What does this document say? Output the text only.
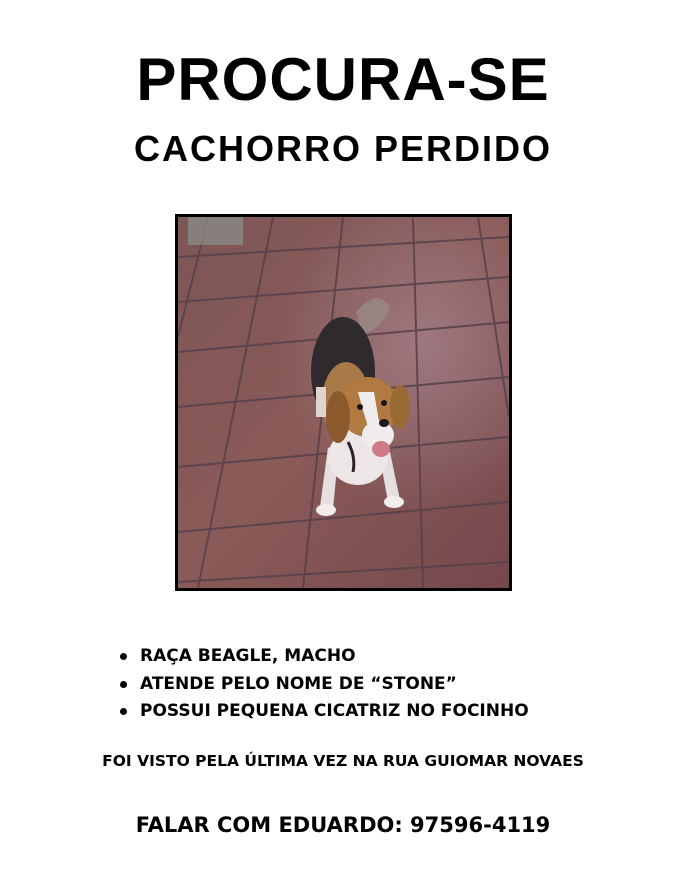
PROCURA-SE
CACHORRO PERDIDO
RAÇA BEAGLE, MACHO
ATENDE PELO NOME DE “STONE”
POSSUI PEQUENA CICATRIZ NO FOCINHO
FOI VISTO PELA ÚLTIMA VEZ NA RUA GUIOMAR NOVAES
FALAR COM EDUARDO: 97596-4119
